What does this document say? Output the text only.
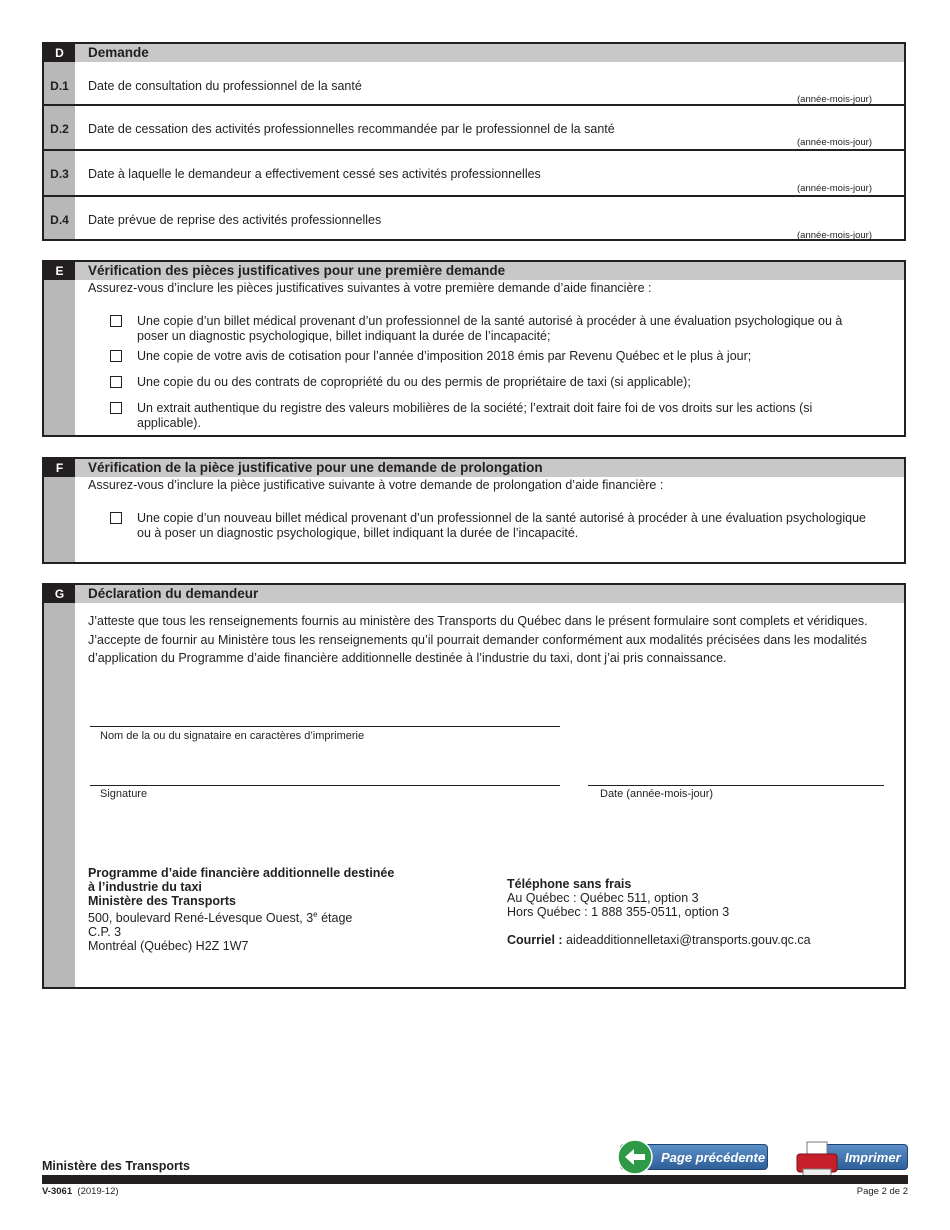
D	Demande
D.1	Date de consultation du professionnel de la santé
(année-mois-jour)
D.2	Date de cessation des activités professionnelles recommandée par le professionnel de la santé
(année-mois-jour)
D.3	Date à laquelle le demandeur a effectivement cessé ses activités professionnelles
(année-mois-jour)
D.4	Date prévue de reprise des activités professionnelles
(année-mois-jour)
E	Vérification des pièces justificatives pour une première demande
Assurez-vous d’inclure les pièces justificatives suivantes à votre première demande d’aide financière :
Une copie d’un billet médical provenant d’un professionnel de la santé autorisé à procéder à une évaluation psychologique ou à poser un diagnostic psychologique, billet indiquant la durée de l’incapacité;
Une copie de votre avis de cotisation pour l’année d’imposition 2018 émis par Revenu Québec et le plus à jour;
Une copie du ou des contrats de copropriété du ou des permis de propriétaire de taxi (si applicable);
Un extrait authentique du registre des valeurs mobilières de la société; l’extrait doit faire foi de vos droits sur les actions (si applicable).
F	Vérification de la pièce justificative pour une demande de prolongation
Assurez-vous d’inclure la pièce justificative suivante à votre demande de prolongation d’aide financière :
Une copie d’un nouveau billet médical provenant d’un professionnel de la santé autorisé à procéder à une évaluation psychologique ou à poser un diagnostic psychologique, billet indiquant la durée de l’incapacité.
G	Déclaration du demandeur
J’atteste que tous les renseignements fournis au ministère des Transports du Québec dans le présent formulaire sont complets et véridiques. J’accepte de fournir au Ministère tous les renseignements qu’il pourrait demander conformément aux modalités précisées dans les modalités d’application du Programme d’aide financière additionnelle destinée à l’industrie du taxi, dont j’ai pris connaissance.
Nom de la ou du signataire en caractères d’imprimerie
Signature	Date (année-mois-jour)
Programme d’aide financière additionnelle destinée
à l’industrie du taxi
Ministère des Transports
500, boulevard René-Lévesque Ouest, 3e étage
C.P. 3
Montréal (Québec) H2Z 1W7
Téléphone sans frais
Au Québec : Québec 511, option 3
Hors Québec : 1 888 355-0511, option 3
Courriel : aideadditionnelletaxi@transports.gouv.qc.ca
Ministère des Transports
Page précédente	Imprimer
V-3061 (2019-12)	Page 2 de 2
